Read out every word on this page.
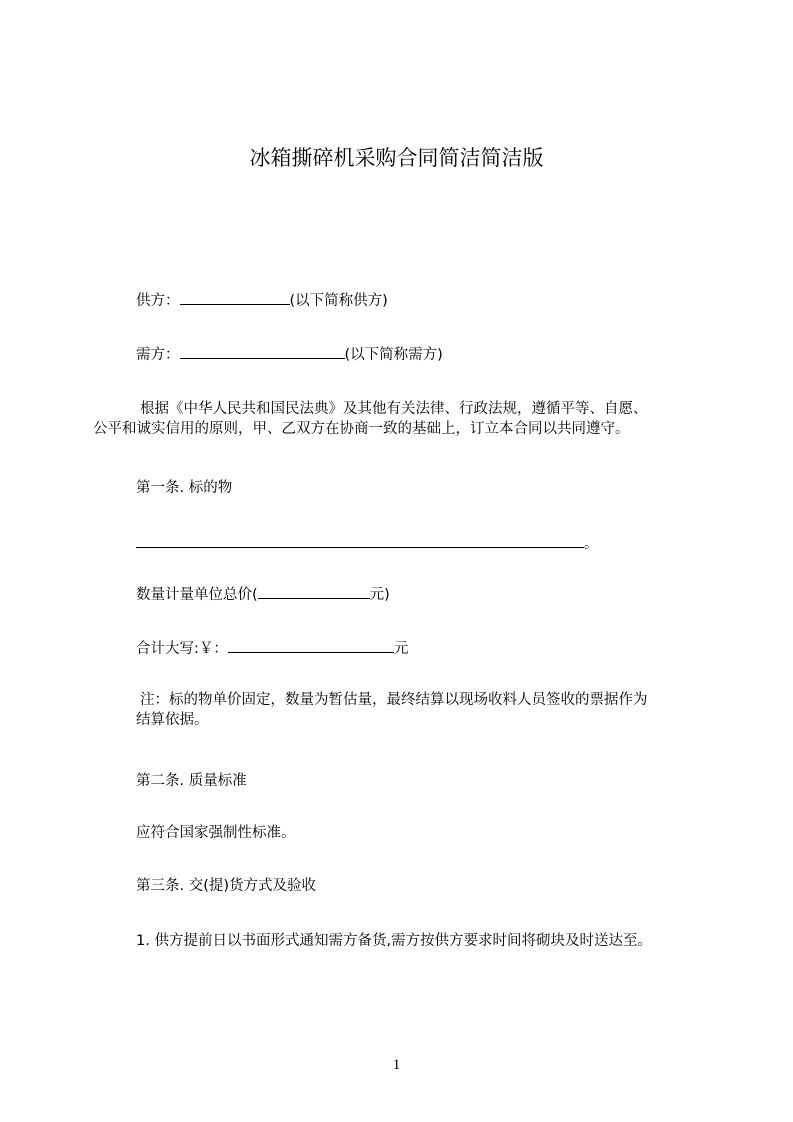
冰箱撕碎机采购合同简洁简洁版

供方：	(以下简称供方)

需方：	(以下简称需方)

根据《中华人民共和国民法典》及其他有关法律、行政法规，遵循平等、自愿、
公平和诚实信用的原则，甲、乙双方在协商一致的基础上，订立本合同以共同遵守。

第一条. 标的物

。

数量计量单位总价(	元)

合计大写:￥：	元

注：标的物单价固定，数量为暂估量，最终结算以现场收料人员签收的票据作为
结算依据。

第二条. 质量标准

应符合国家强制性标准。

第三条. 交(提)货方式及验收

1. 供方提前日以书面形式通知需方备货,需方按供方要求时间将砌块及时送达至。

1
